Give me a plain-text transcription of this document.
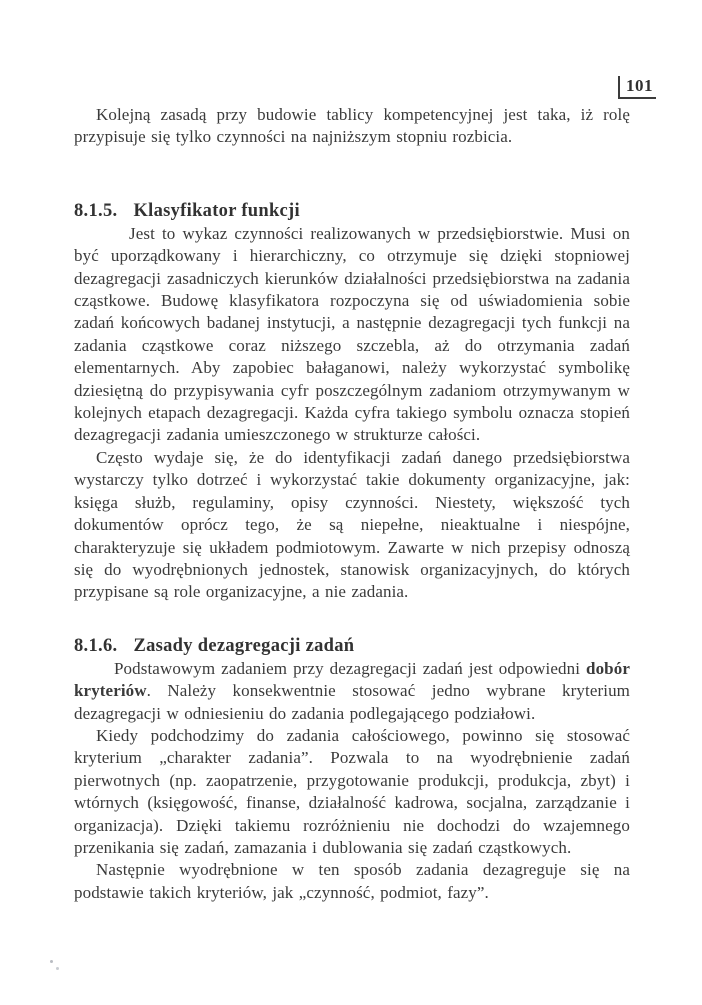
101

Kolejną zasadą przy budowie tablicy kompetencyjnej jest taka, iż rolę przypisuje się tylko czynności na najniższym stopniu rozbicia.

8.1.5. Klasyfikator funkcji

Jest to wykaz czynności realizowanych w przedsiębiorstwie. Musi on być uporządkowany i hierarchiczny, co otrzymuje się dzięki stopniowej dezagregacji zasadniczych kierunków działalności przedsiębiorstwa na zadania cząstkowe. Budowę klasyfikatora rozpoczyna się od uświadomienia sobie zadań końcowych badanej instytucji, a następnie dezagregacji tych funkcji na zadania cząstkowe coraz niższego szczebla, aż do otrzymania zadań elementarnych. Aby zapobiec bałaganowi, należy wykorzystać symbolikę dziesiętną do przypisywania cyfr poszczególnym zadaniom otrzymywanym w kolejnych etapach dezagregacji. Każda cyfra takiego symbolu oznacza stopień dezagregacji zadania umieszczonego w strukturze całości.

Często wydaje się, że do identyfikacji zadań danego przedsiębiorstwa wystarczy tylko dotrzeć i wykorzystać takie dokumenty organizacyjne, jak: księga służb, regulaminy, opisy czynności. Niestety, większość tych dokumentów oprócz tego, że są niepełne, nieaktualne i niespójne, charakteryzuje się układem podmiotowym. Zawarte w nich przepisy odnoszą się do wyodrębnionych jednostek, stanowisk organizacyjnych, do których przypisane są role organizacyjne, a nie zadania.

8.1.6. Zasady dezagregacji zadań

Podstawowym zadaniem przy dezagregacji zadań jest odpowiedni dobór kryteriów. Należy konsekwentnie stosować jedno wybrane kryterium dezagregacji w odniesieniu do zadania podlegającego podziałowi.

Kiedy podchodzimy do zadania całościowego, powinno się stosować kryterium „charakter zadania”. Pozwala to na wyodrębnienie zadań pierwotnych (np. zaopatrzenie, przygotowanie produkcji, produkcja, zbyt) i wtórnych (księgowość, finanse, działalność kadrowa, socjalna, zarządzanie i organizacja). Dzięki takiemu rozróżnieniu nie dochodzi do wzajemnego przenikania się zadań, zamazania i dublowania się zadań cząstkowych.

Następnie wyodrębnione w ten sposób zadania dezagreguje się na podstawie takich kryteriów, jak „czynność, podmiot, fazy”.
